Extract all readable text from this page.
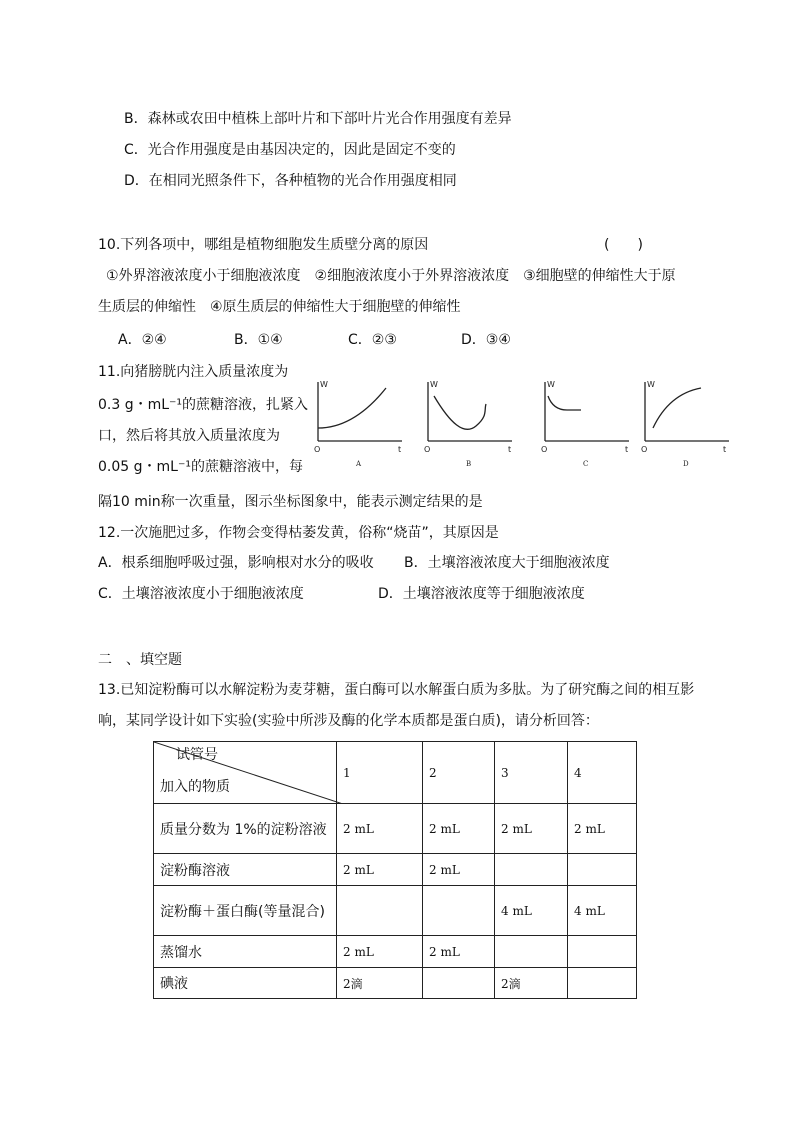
B．森林或农田中植株上部叶片和下部叶片光合作用强度有差异
C．光合作用强度是由基因决定的，因此是固定不变的
D．在相同光照条件下，各种植物的光合作用强度相同
10.下列各项中，哪组是植物细胞发生质壁分离的原因	(　　)
①外界溶液浓度小于细胞液浓度　②细胞液浓度小于外界溶液浓度　③细胞壁的伸缩性大于原
生质层的伸缩性　④原生质层的伸缩性大于细胞壁的伸缩性
A．②④	B．①④	C．②③	D．③④
11.向猪膀胱内注入质量浓度为
0.3 g・mL⁻¹的蔗糖溶液，扎紧入
口，然后将其放入质量浓度为
0.05 g・mL⁻¹的蔗糖溶液中，每
隔10 min称一次重量，图示坐标图象中，能表示测定结果的是
W
O	t
A
W
O	t
B
W
O	t
C
W
O	t
D
12.一次施肥过多，作物会变得枯萎发黄，俗称“烧苗”，其原因是
A．根系细胞呼吸过强，影响根对水分的吸收 B．土壤溶液浓度大于细胞液浓度
C．土壤溶液浓度小于细胞液浓度	D．土壤溶液浓度等于细胞液浓度
二　、填空题
13.已知淀粉酶可以水解淀粉为麦芽糖，蛋白酶可以水解蛋白质为多肽。为了研究酶之间的相互影
响，某同学设计如下实验(实验中所涉及酶的化学本质都是蛋白质)，请分析回答：
试管号
加入的物质	1	2	3	4
质量分数为 1%的淀粉溶液	2 mL	2 mL	2 mL	2 mL
淀粉酶溶液	2 mL	2 mL		
淀粉酶＋蛋白酶(等量混合)			4 mL	4 mL
蒸馏水	2 mL	2 mL		
碘液	2滴		2滴	
